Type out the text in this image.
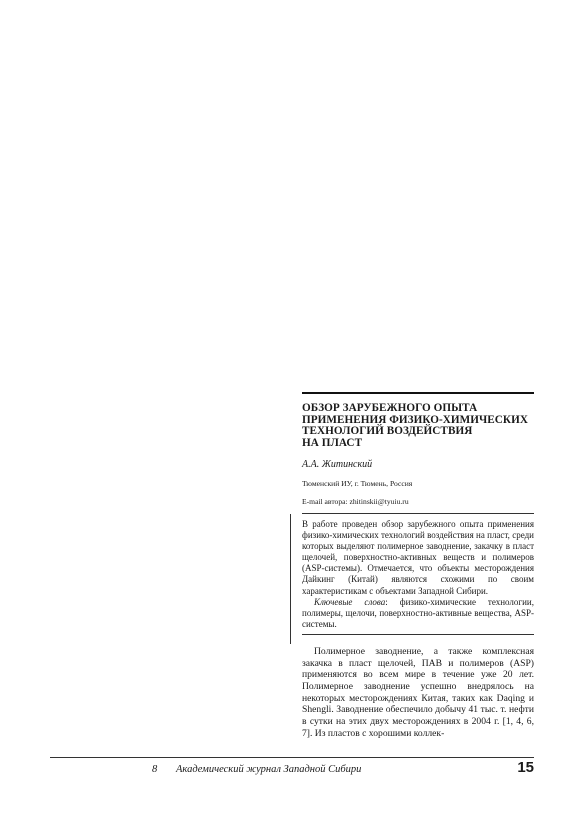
ОБЗОР ЗАРУБЕЖНОГО ОПЫТА
ПРИМЕНЕНИЯ ФИЗИКО-ХИМИЧЕСКИХ
ТЕХНОЛОГИЙ ВОЗДЕЙСТВИЯ
НА ПЛАСТ
А.А. Житинский
Тюменский ИУ, г. Тюмень, Россия
E-mail автора: zhitinskii@tyuiu.ru

В работе проведен обзор зарубежного опыта применения физико-химических технологий воздействия на пласт, среди которых выделяют полимерное заводнение, закачку в пласт щелочей, поверхностно-активных веществ и полимеров (ASP-системы). Отмечается, что объекты месторождения Дайкинг (Китай) являются схожими по своим характеристикам с объектами Западной Сибири.

Ключевые слова: физико-химические технологии, полимеры, щелочи, поверхностно-активные вещества, ASP-системы.

Полимерное заводнение, а также комплексная закачка в пласт щелочей, ПАВ и полимеров (ASP) применяются во всем мире в течение уже 20 лет. Полимерное заводнение успешно внедрялось на некоторых месторождениях Китая, таких как Daqing и Shengli. Заводнение обеспечило добычу 41 тыс. т. нефти в сутки на этих двух месторождениях в 2004 г. [1, 4, 6, 7]. Из пластов с хорошими коллек-

8 Академический журнал Западной Сибири	15
